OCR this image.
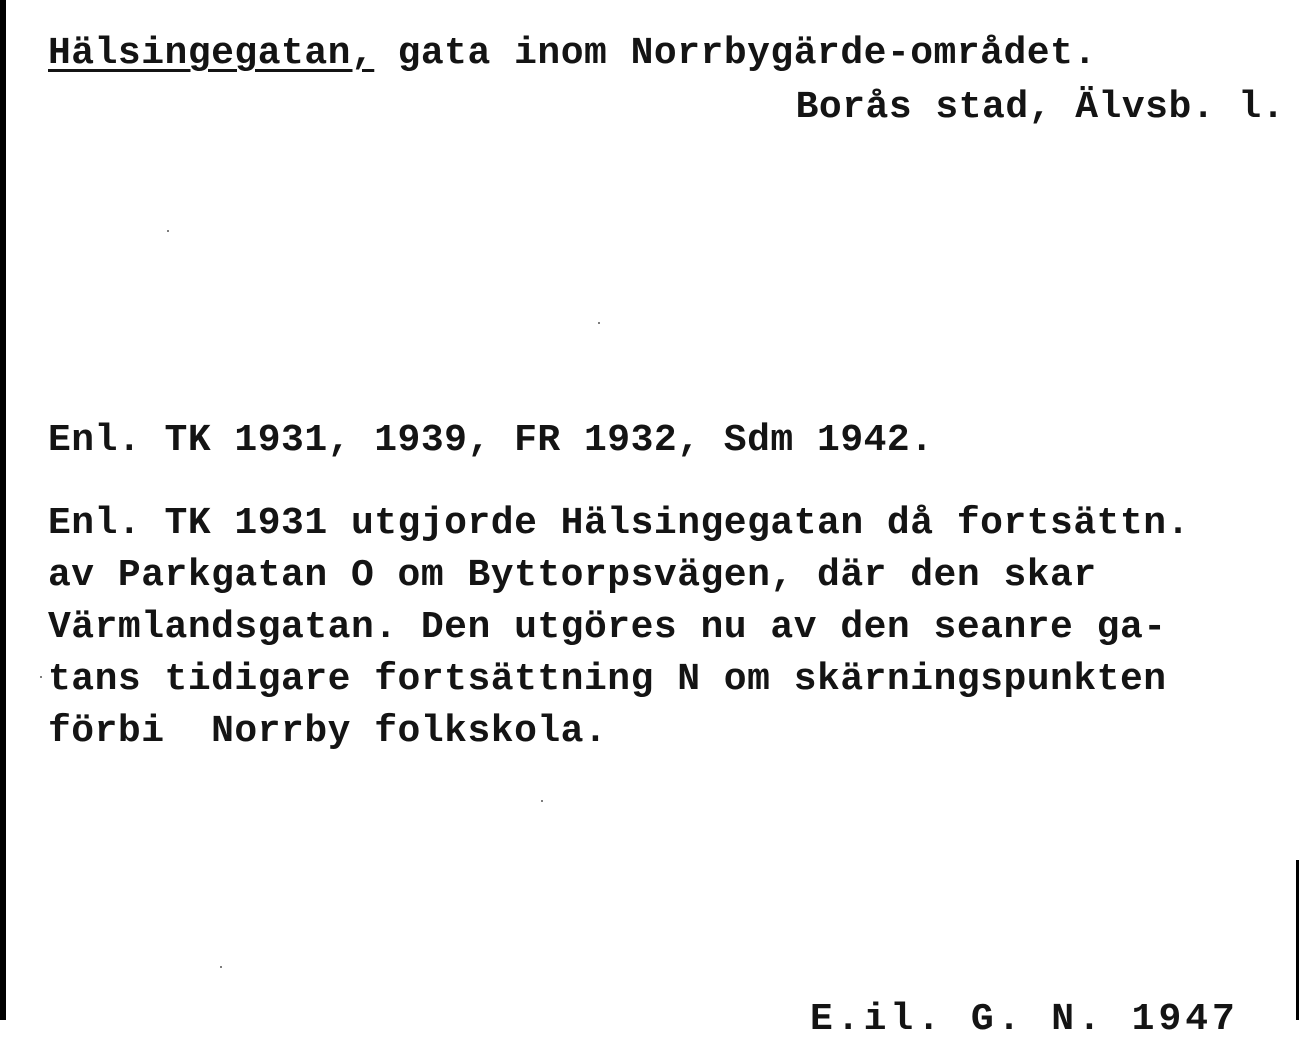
Hälsingegatan, gata inom Norrbygärde-området.
Borås stad, Älvsb. l.
Enl. TK 1931, 1939, FR 1932, Sdm 1942.
Enl. TK 1931 utgjorde Hälsingegatan då fortsättn.
av Parkgatan O om Byttorpsvägen, där den skar
Värmlandsgatan. Den utgöres nu av den seanre ga-
tans tidigare fortsättning N om skärningspunkten
förbi  Norrby folkskola.
E.il. G. N. 1947
